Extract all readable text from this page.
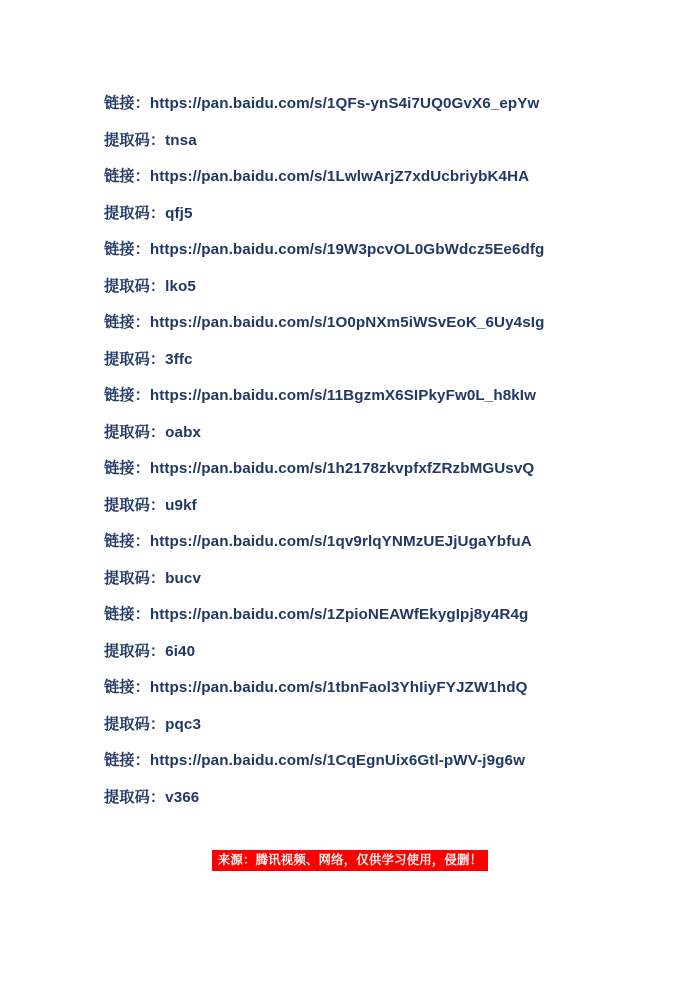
链接：https://pan.baidu.com/s/1QFs-ynS4i7UQ0GvX6_epYw
提取码：tnsa
链接：https://pan.baidu.com/s/1LwlwArjZ7xdUcbriybK4HA
提取码：qfj5
链接：https://pan.baidu.com/s/19W3pcvOL0GbWdcz5Ee6dfg
提取码：lko5
链接：https://pan.baidu.com/s/1O0pNXm5iWSvEoK_6Uy4sIg
提取码：3ffc
链接：https://pan.baidu.com/s/11BgzmX6SIPkyFw0L_h8kIw
提取码：oabx
链接：https://pan.baidu.com/s/1h2178zkvpfxfZRzbMGUsvQ
提取码：u9kf
链接：https://pan.baidu.com/s/1qv9rlqYNMzUEJjUgaYbfuA
提取码：bucv
链接：https://pan.baidu.com/s/1ZpioNEAWfEkygIpj8y4R4g
提取码：6i40
链接：https://pan.baidu.com/s/1tbnFaol3YhIiyFYJZW1hdQ
提取码：pqc3
链接：https://pan.baidu.com/s/1CqEgnUix6Gtl-pWV-j9g6w
提取码：v366
来源：腾讯视频、网络，仅供学习使用，侵删！
